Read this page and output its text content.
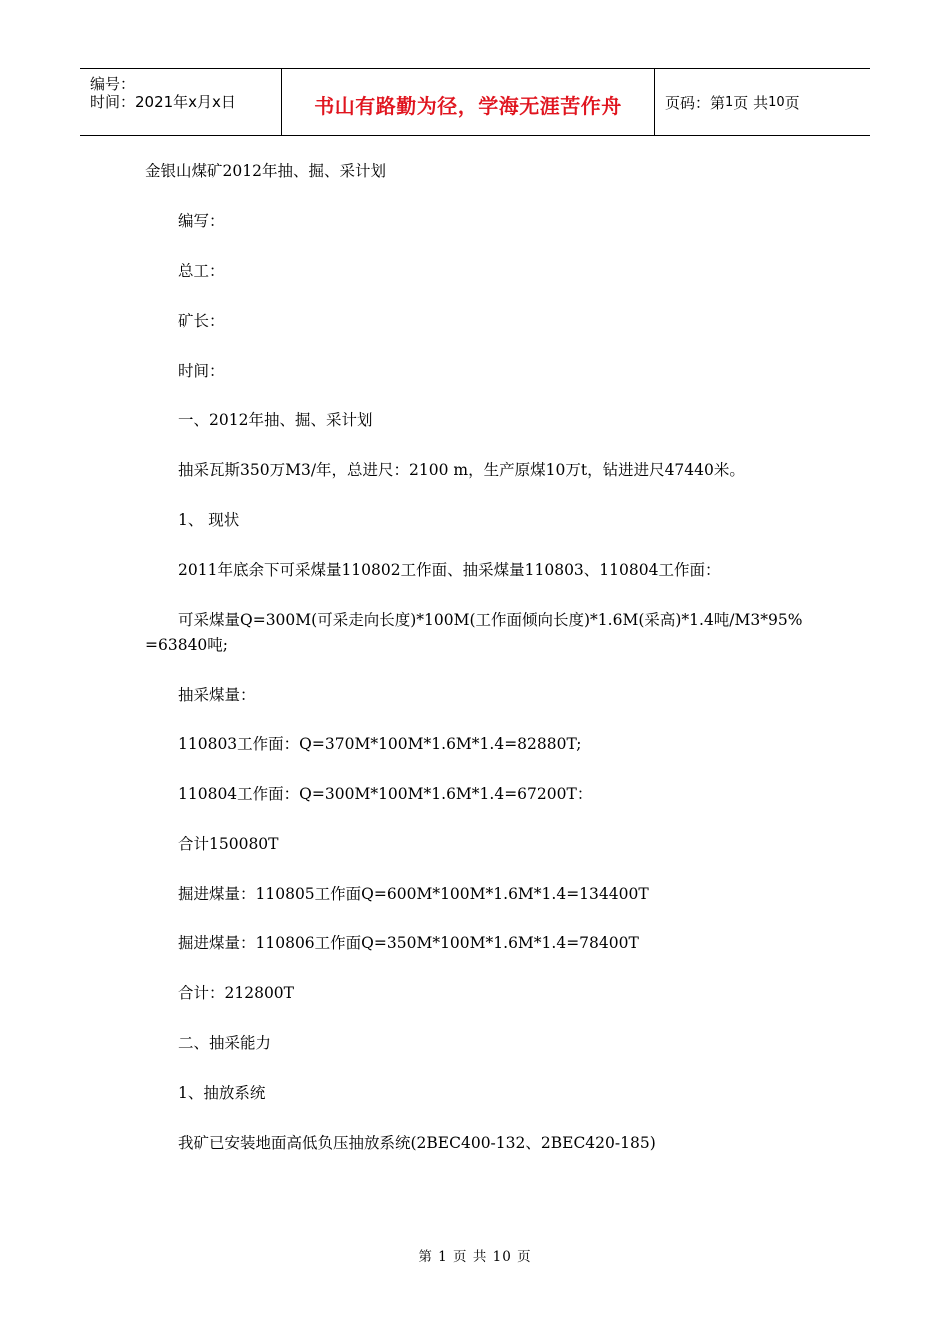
编号：
时间：2021年x月x日	书山有路勤为径，学海无涯苦作舟	页码：第 1 页 共 10 页
金银山煤矿2012年抽、掘、采计划
编写：
总工：
矿长：
时间：
一、2012年抽、掘、采计划
抽采瓦斯350万M3/年，总进尺：2100 m，生产原煤10万t，钻进进尺47440米。
1、 现状
2011年底余下可采煤量110802工作面、抽采煤量110803、110804工作面：
可采煤量Q=300M(可采走向长度)*100M(工作面倾向长度)*1.6M(采高)*1.4吨/M3*95%
=63840吨;
抽采煤量：
110803工作面：Q=370M*100M*1.6M*1.4=82880T;
110804工作面：Q=300M*100M*1.6M*1.4=67200T：
合计150080T
掘进煤量：110805工作面Q=600M*100M*1.6M*1.4=134400T
掘进煤量：110806工作面Q=350M*100M*1.6M*1.4=78400T
合计：212800T
二、抽采能力
1、抽放系统
我矿已安装地面高低负压抽放系统(2BEC400-132、2BEC420-185)
第 1 页 共 10 页
